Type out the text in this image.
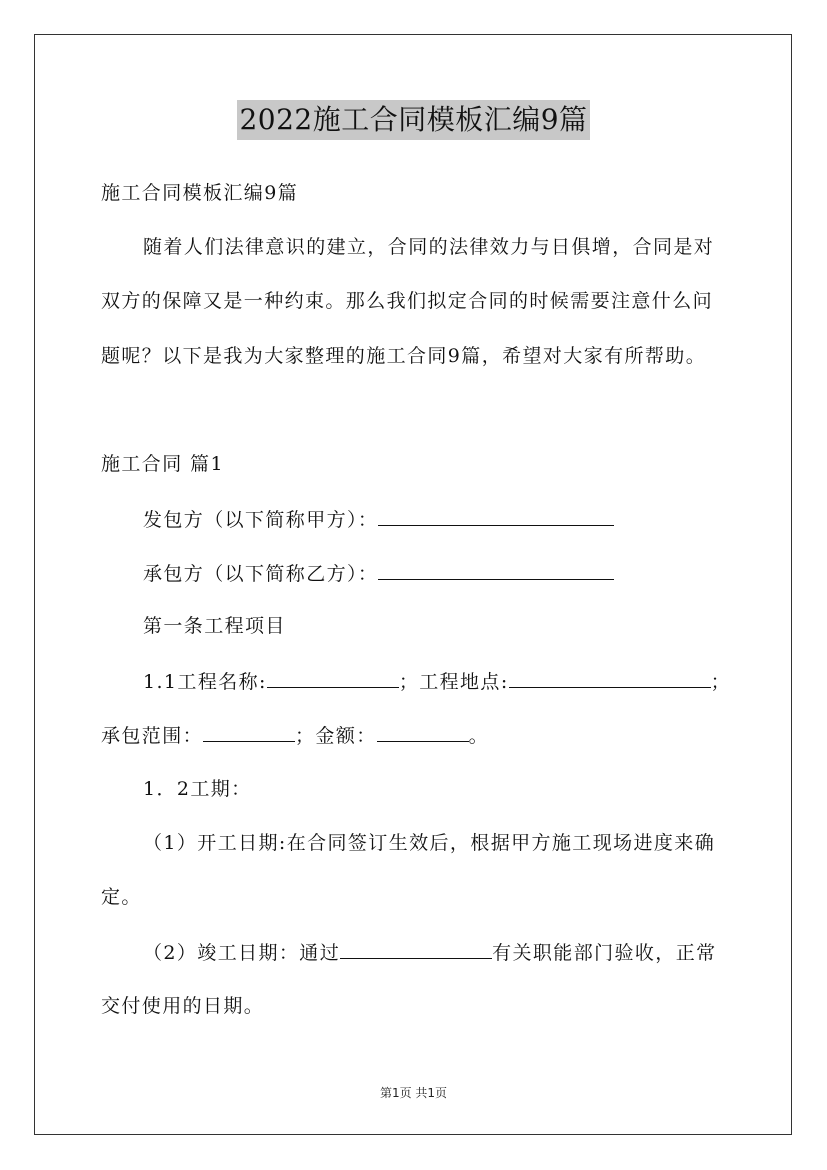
2022施工合同模板汇编9篇
施工合同模板汇编9篇
随着人们法律意识的建立，合同的法律效力与日俱增，合同是对
双方的保障又是一种约束。那么我们拟定合同的时候需要注意什么问
题呢？以下是我为大家整理的施工合同9篇，希望对大家有所帮助。
施工合同 篇1
发包方（以下简称甲方）：
承包方（以下简称乙方）：
第一条工程项目
1.1工程名称:	；工程地点:	；
承包范围：	；金额：	。
1．2工期：
（1）开工日期:在合同签订生效后，根据甲方施工现场进度来确
定。
（2）竣工日期：通过	有关职能部门验收，正常
交付使用的日期。
第1页 共1页
